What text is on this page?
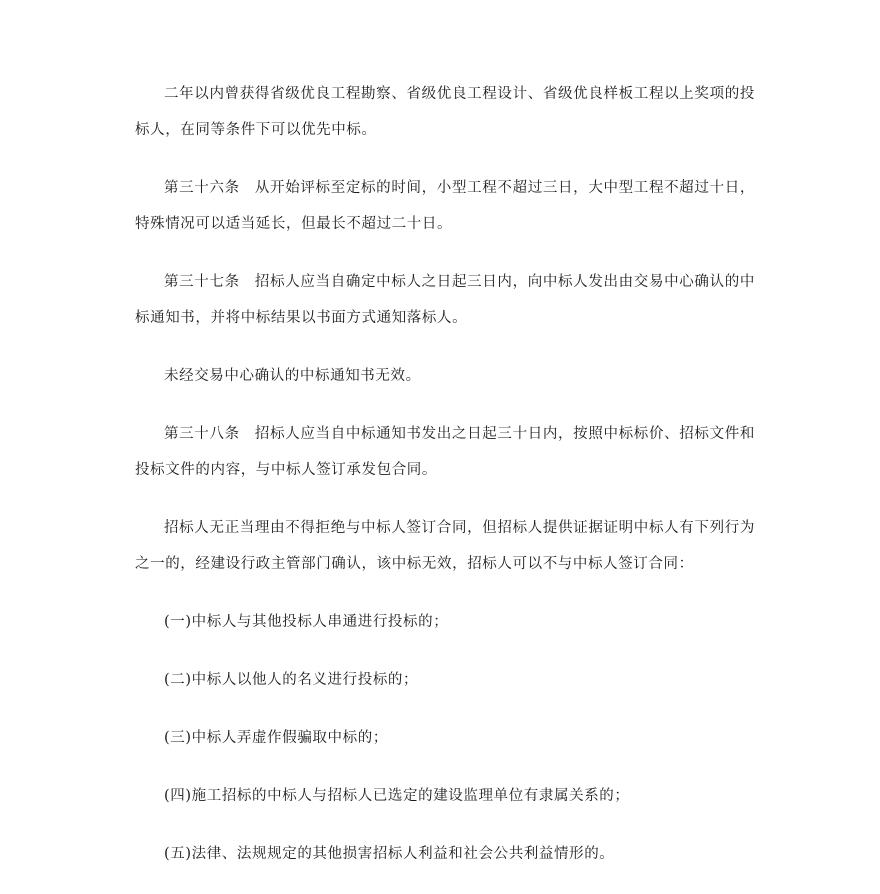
二年以内曾获得省级优良工程勘察、省级优良工程设计、省级优良样板工程以上奖项的投标人，在同等条件下可以优先中标。

第三十六条　从开始评标至定标的时间，小型工程不超过三日，大中型工程不超过十日，特殊情况可以适当延长，但最长不超过二十日。

第三十七条　招标人应当自确定中标人之日起三日内，向中标人发出由交易中心确认的中标通知书，并将中标结果以书面方式通知落标人。

未经交易中心确认的中标通知书无效。

第三十八条　招标人应当自中标通知书发出之日起三十日内，按照中标标价、招标文件和投标文件的内容，与中标人签订承发包合同。

招标人无正当理由不得拒绝与中标人签订合同，但招标人提供证据证明中标人有下列行为之一的，经建设行政主管部门确认，该中标无效，招标人可以不与中标人签订合同：

(一)中标人与其他投标人串通进行投标的；

(二)中标人以他人的名义进行投标的；

(三)中标人弄虚作假骗取中标的；

(四)施工招标的中标人与招标人已选定的建设监理单位有隶属关系的；

(五)法律、法规规定的其他损害招标人利益和社会公共利益情形的。
